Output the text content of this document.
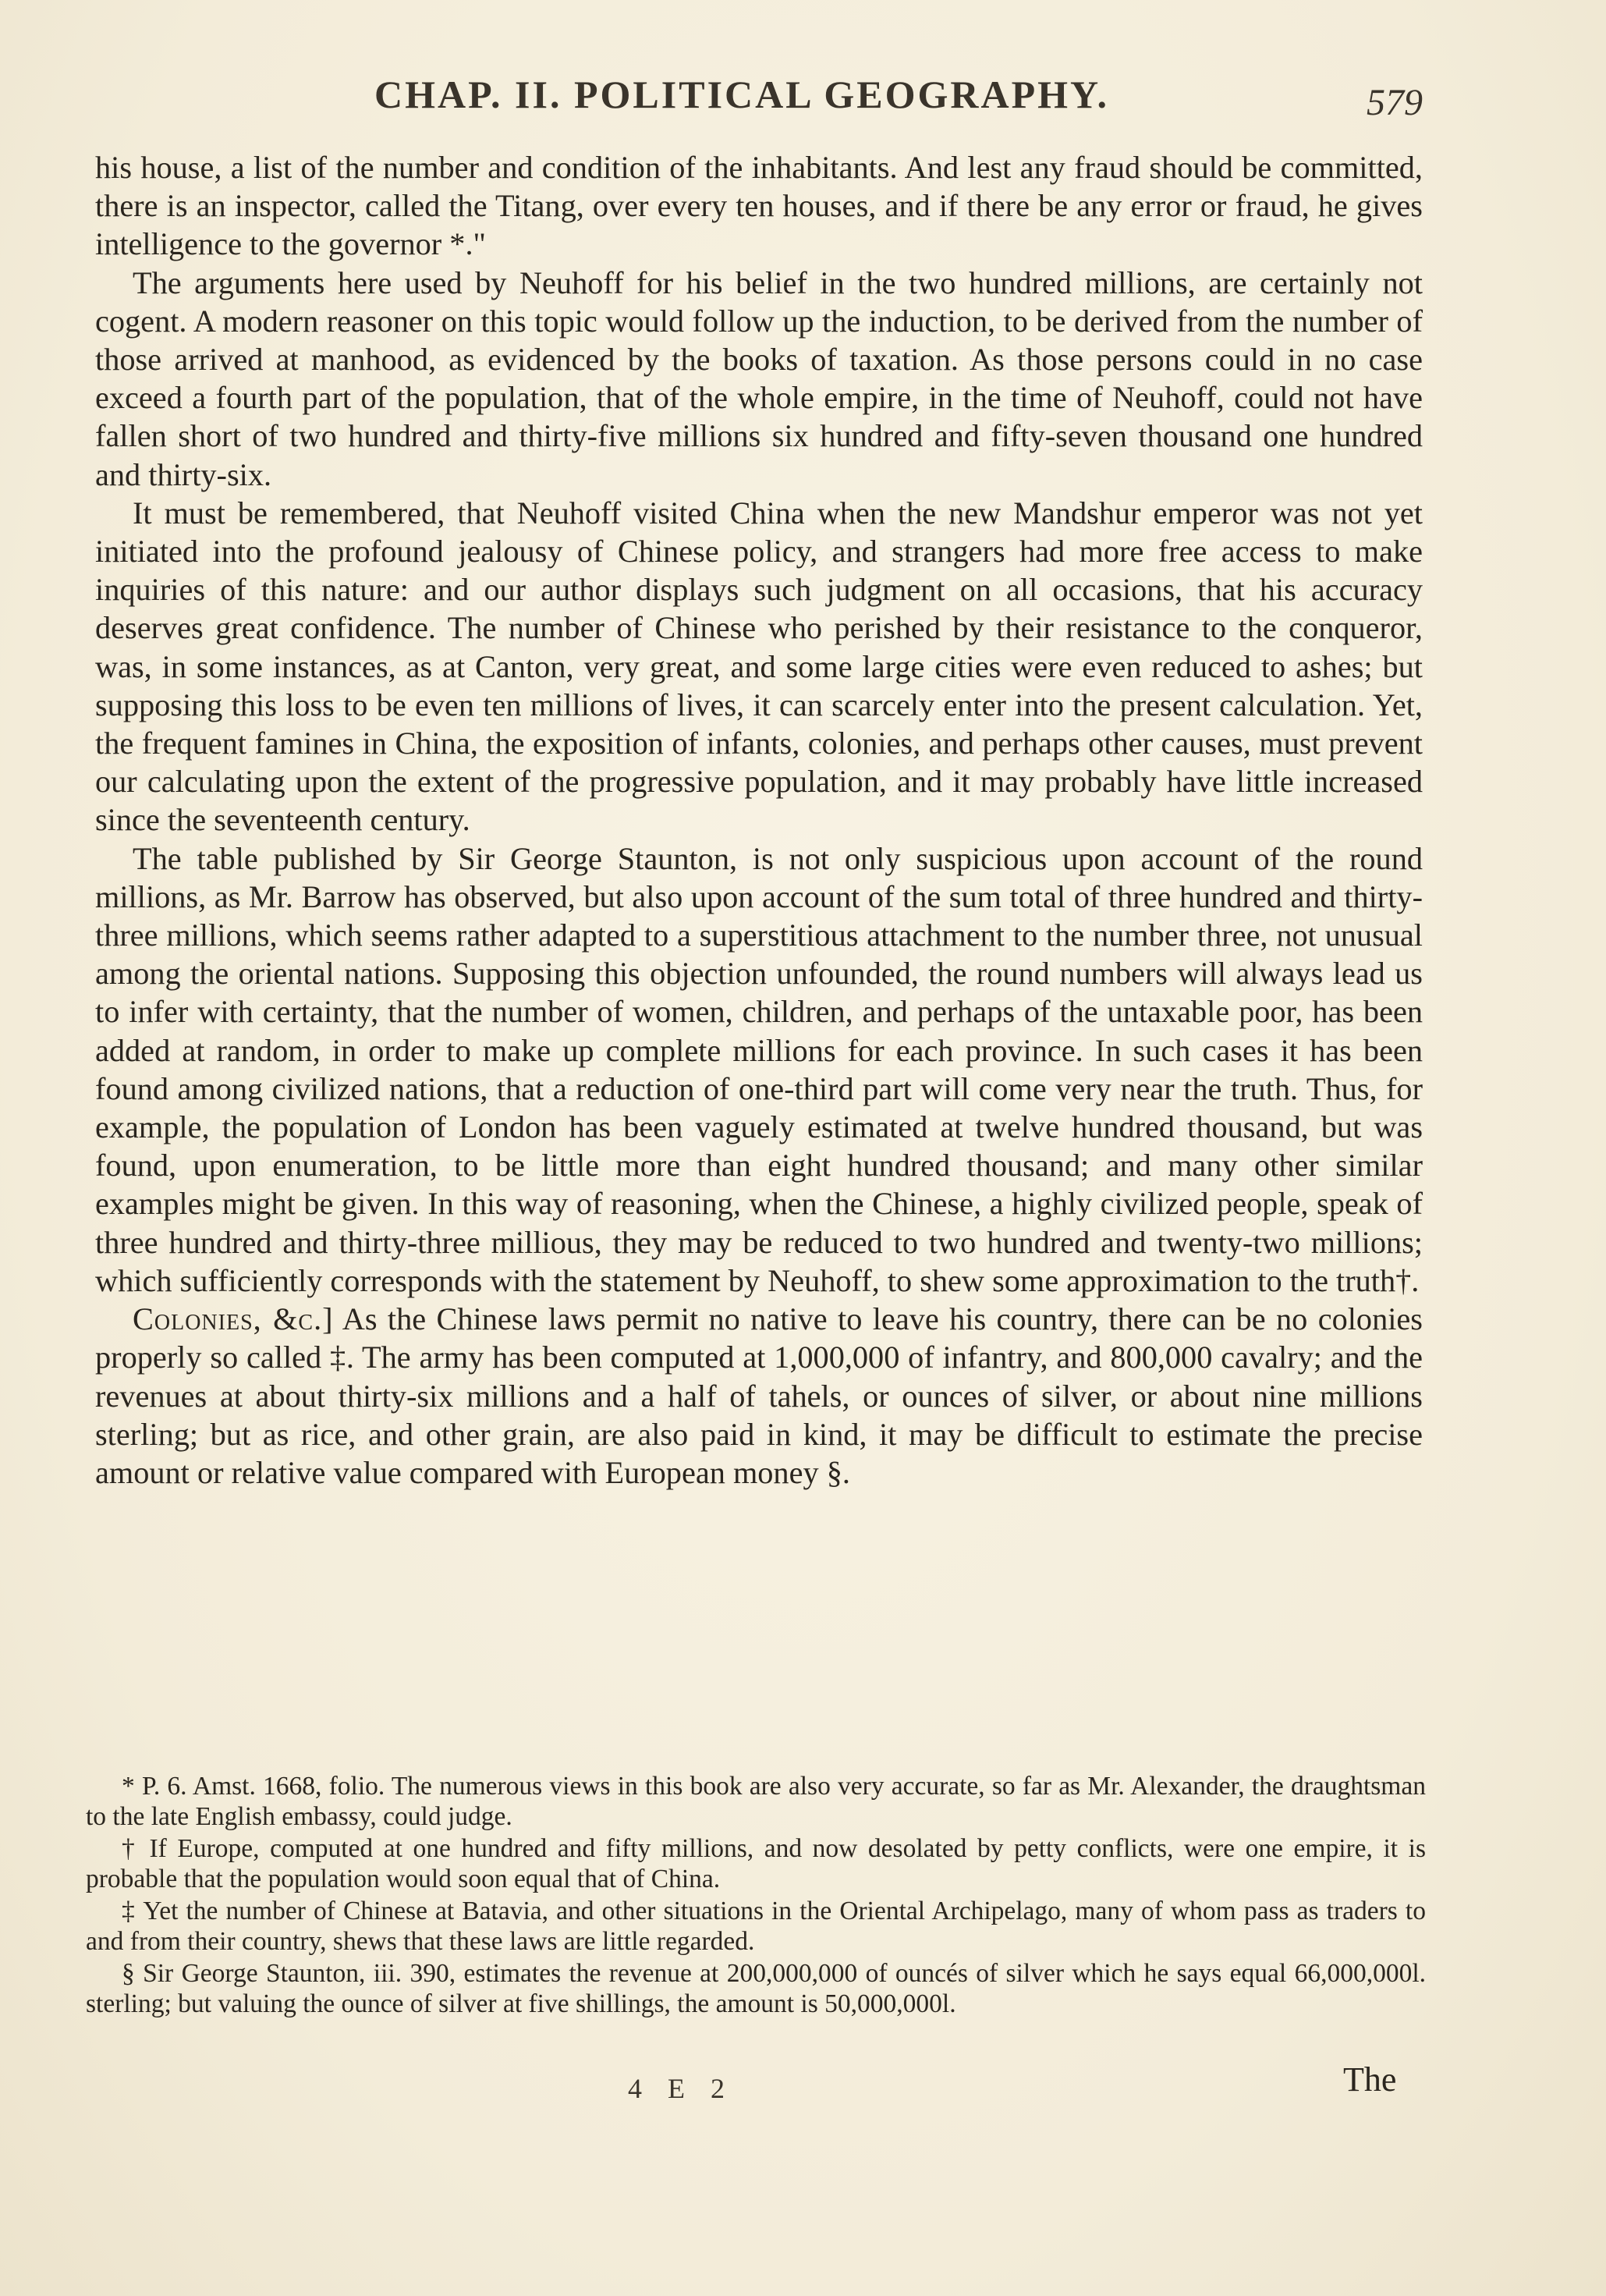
CHAP. II. POLITICAL GEOGRAPHY.	579

his house, a list of the number and condition of the inhabitants. And lest any fraud should be committed, there is an inspector, called the Titang, over every ten houses, and if there be any error or fraud, he gives intelligence to the governor *."

The arguments here used by Neuhoff for his belief in the two hundred millions, are certainly not cogent. A modern reasoner on this topic would follow up the induction, to be derived from the number of those arrived at manhood, as evidenced by the books of taxation. As those persons could in no case exceed a fourth part of the population, that of the whole empire, in the time of Neuhoff, could not have fallen short of two hundred and thirty-five millions six hundred and fifty-seven thousand one hundred and thirty-six.

It must be remembered, that Neuhoff visited China when the new Mandshur emperor was not yet initiated into the profound jealousy of Chinese policy, and strangers had more free access to make inquiries of this nature: and our author displays such judgment on all occasions, that his accuracy deserves great confidence. The number of Chinese who perished by their resistance to the conqueror, was, in some instances, as at Canton, very great, and some large cities were even reduced to ashes; but supposing this loss to be even ten millions of lives, it can scarcely enter into the present calculation. Yet, the frequent famines in China, the exposition of infants, colonies, and perhaps other causes, must prevent our calculating upon the extent of the progressive population, and it may probably have little increased since the seventeenth century.

The table published by Sir George Staunton, is not only suspicious upon account of the round millions, as Mr. Barrow has observed, but also upon account of the sum total of three hundred and thirty-three millions, which seems rather adapted to a superstitious attachment to the number three, not unusual among the oriental nations. Supposing this objection unfounded, the round numbers will always lead us to infer with certainty, that the number of women, children, and perhaps of the untaxable poor, has been added at random, in order to make up complete millions for each province. In such cases it has been found among civilized nations, that a reduction of one-third part will come very near the truth. Thus, for example, the population of London has been vaguely estimated at twelve hundred thousand, but was found, upon enumeration, to be little more than eight hundred thousand; and many other similar examples might be given. In this way of reasoning, when the Chinese, a highly civilized people, speak of three hundred and thirty-three millious, they may be reduced to two hundred and twenty-two millions; which sufficiently corresponds with the statement by Neuhoff, to shew some approximation to the truth†.

Colonies, &c.] As the Chinese laws permit no native to leave his country, there can be no colonies properly so called ‡. The army has been computed at 1,000,000 of infantry, and 800,000 cavalry; and the revenues at about thirty-six millions and a half of tahels, or ounces of silver, or about nine millions sterling; but as rice, and other grain, are also paid in kind, it may be difficult to estimate the precise amount or relative value compared with European money §.

* P. 6. Amst. 1668, folio. The numerous views in this book are also very accurate, so far as Mr. Alexander, the draughtsman to the late English embassy, could judge.

† If Europe, computed at one hundred and fifty millions, and now desolated by petty conflicts, were one empire, it is probable that the population would soon equal that of China.

‡ Yet the number of Chinese at Batavia, and other situations in the Oriental Archipelago, many of whom pass as traders to and from their country, shews that these laws are little regarded.

§ Sir George Staunton, iii. 390, estimates the revenue at 200,000,000 of ouncés of silver which he says equal 66,000,000l. sterling; but valuing the ounce of silver at five shillings, the amount is 50,000,000l.

4 E 2	The
